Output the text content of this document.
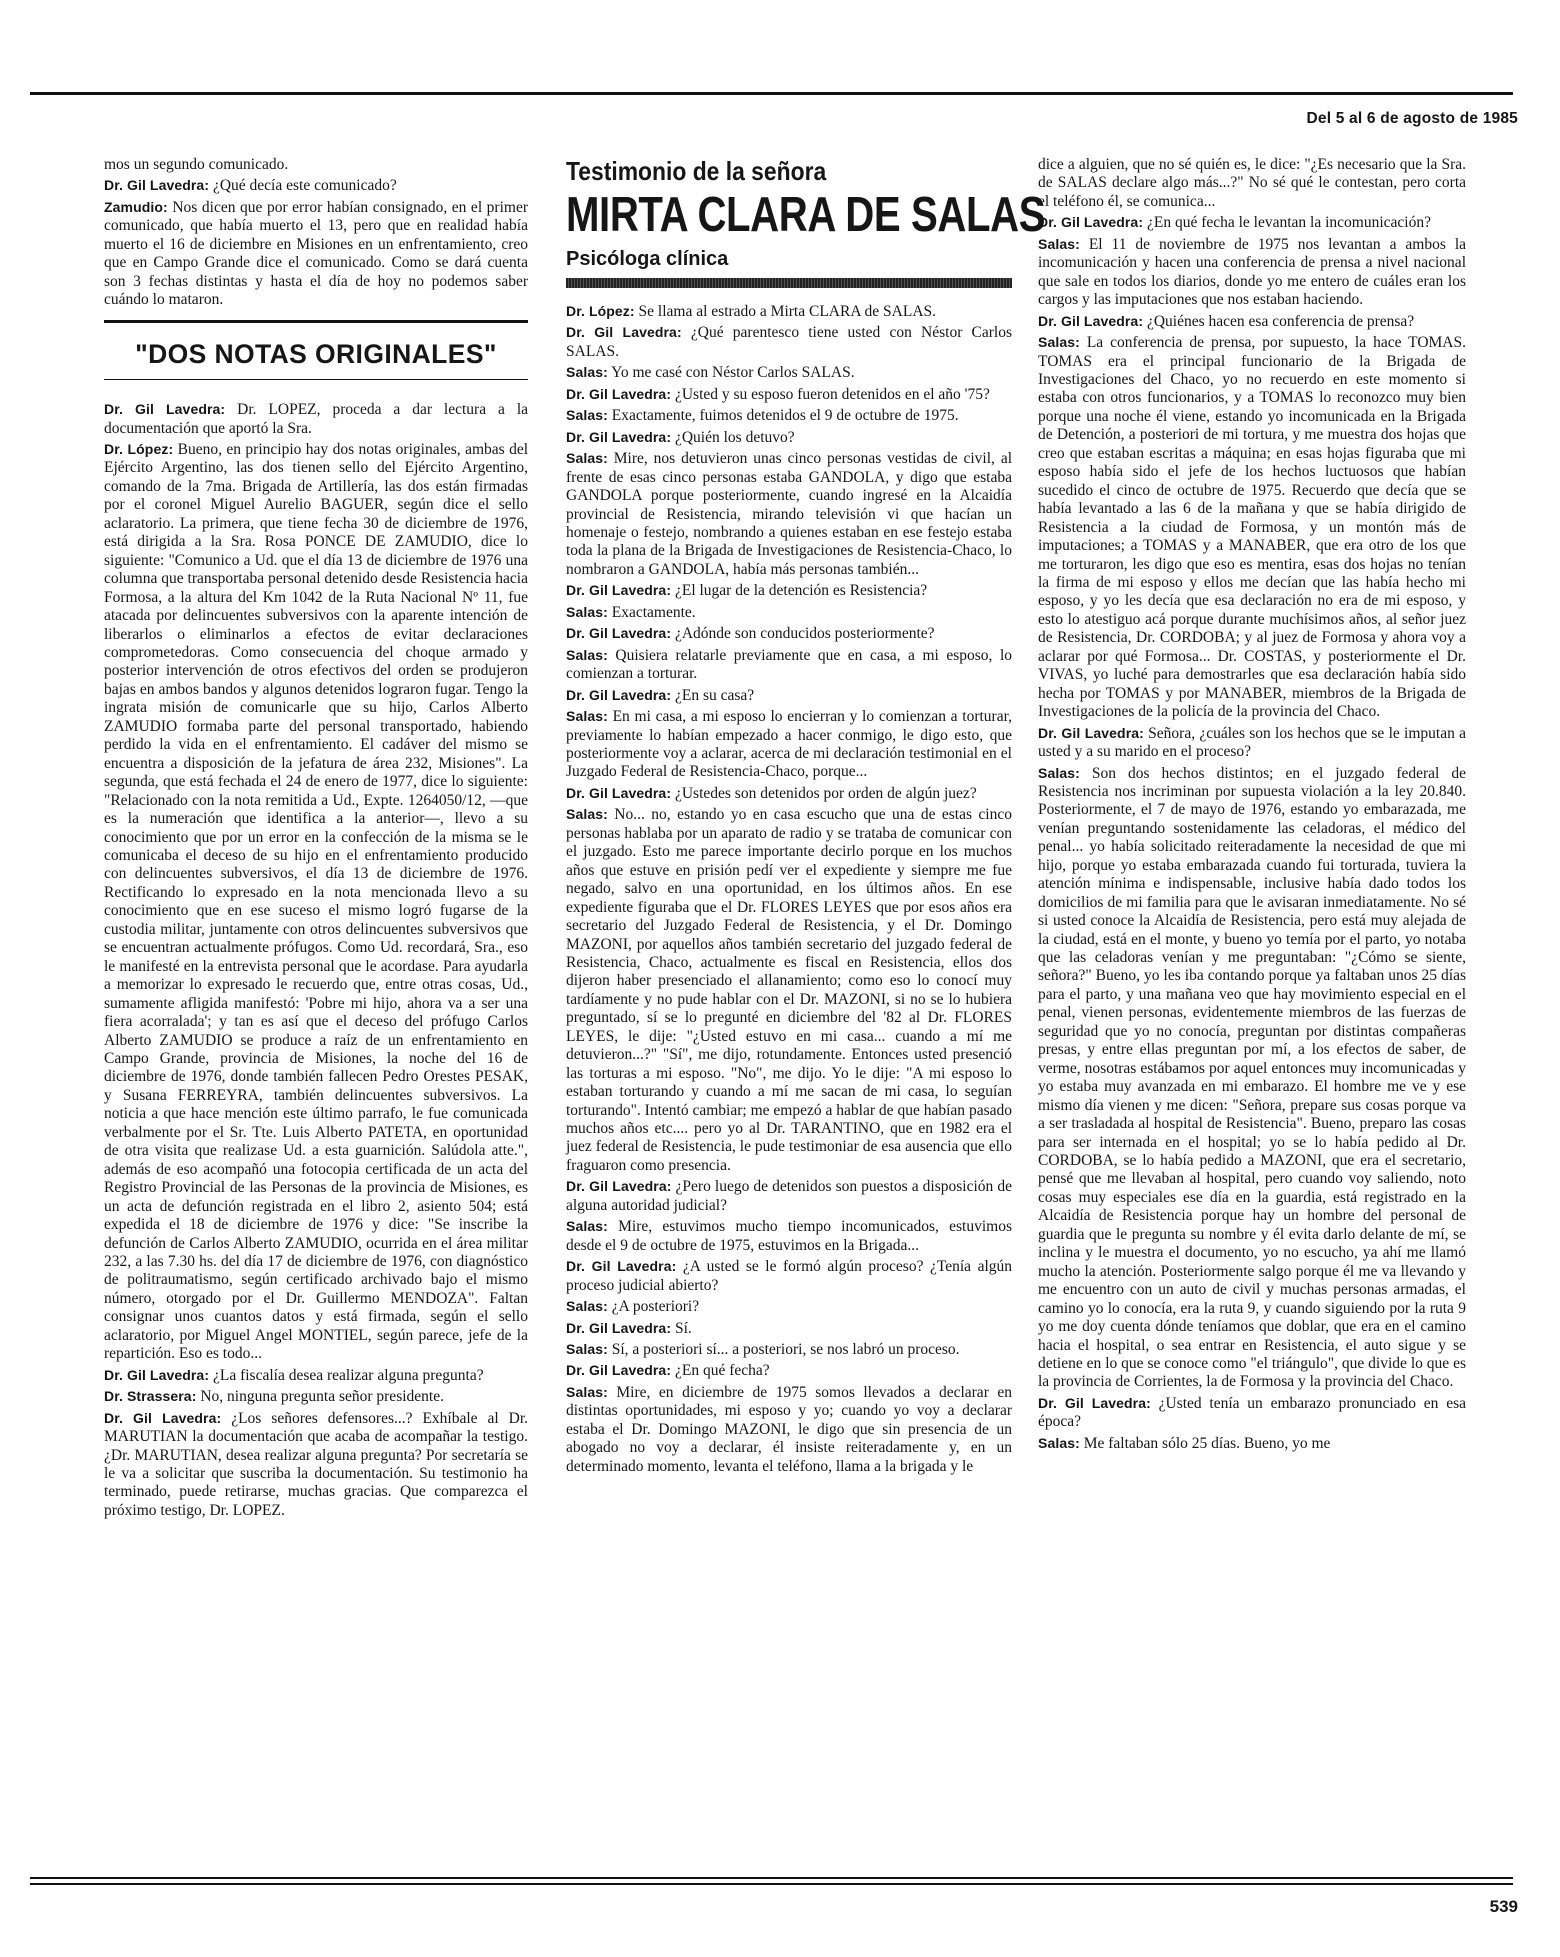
Del 5 al 6 de agosto de 1985

mos un segundo comunicado.

Dr. Gil Lavedra: ¿Qué decía este comunicado?

Zamudio: Nos dicen que por error habían consignado, en el primer comunicado, que había muerto el 13, pero que en realidad había muerto el 16 de diciembre en Misiones en un enfrentamiento, creo que en Campo Grande dice el comunicado. Como se dará cuenta son 3 fechas distintas y hasta el día de hoy no podemos saber cuándo lo mataron.

"DOS NOTAS ORIGINALES"

Dr. Gil Lavedra: Dr. LOPEZ, proceda a dar lectura a la documentación que aportó la Sra.

Dr. López: Bueno, en principio hay dos notas originales, ambas del Ejército Argentino, las dos tienen sello del Ejército Argentino, comando de la 7ma. Brigada de Artillería, las dos están firmadas por el coronel Miguel Aurelio BAGUER, según dice el sello aclaratorio. La primera, que tiene fecha 30 de diciembre de 1976, está dirigida a la Sra. Rosa PONCE DE ZAMUDIO, dice lo siguiente: "Comunico a Ud. que el día 13 de diciembre de 1976 una columna que transportaba personal detenido desde Resistencia hacia Formosa, a la altura del Km 1042 de la Ruta Nacional Nº 11, fue atacada por delincuentes subversivos con la aparente intención de liberarlos o eliminarlos a efectos de evitar declaraciones comprometedoras. Como consecuencia del choque armado y posterior intervención de otros efectivos del orden se produjeron bajas en ambos bandos y algunos detenidos lograron fugar. Tengo la ingrata misión de comunicarle que su hijo, Carlos Alberto ZAMUDIO formaba parte del personal transportado, habiendo perdido la vida en el enfrentamiento. El cadáver del mismo se encuentra a disposición de la jefatura de área 232, Misiones". La segunda, que está fechada el 24 de enero de 1977, dice lo siguiente: "Relacionado con la nota remitida a Ud., Expte. 1264050/12, —que es la numeración que identifica a la anterior—, llevo a su conocimiento que por un error en la confección de la misma se le comunicaba el deceso de su hijo en el enfrentamiento producido con delincuentes subversivos, el día 13 de diciembre de 1976. Rectificando lo expresado en la nota mencionada llevo a su conocimiento que en ese suceso el mismo logró fugarse de la custodia militar, juntamente con otros delincuentes subversivos que se encuentran actualmente prófugos. Como Ud. recordará, Sra., eso le manifesté en la entrevista personal que le acordase. Para ayudarla a memorizar lo expresado le recuerdo que, entre otras cosas, Ud., sumamente afligida manifestó: 'Pobre mi hijo, ahora va a ser una fiera acorralada'; y tan es así que el deceso del prófugo Carlos Alberto ZAMUDIO se produce a raíz de un enfrentamiento en Campo Grande, provincia de Misiones, la noche del 16 de diciembre de 1976, donde también fallecen Pedro Orestes PESAK, y Susana FERREYRA, también delincuentes subversivos. La noticia a que hace mención este último parrafo, le fue comunicada verbalmente por el Sr. Tte. Luis Alberto PATETA, en oportunidad de otra visita que realizase Ud. a esta guarnición. Salúdola atte.", además de eso acompañó una fotocopia certificada de un acta del Registro Provincial de las Personas de la provincia de Misiones, es un acta de defunción registrada en el libro 2, asiento 504; está expedida el 18 de diciembre de 1976 y dice: "Se inscribe la defunción de Carlos Alberto ZAMUDIO, ocurrida en el área militar 232, a las 7.30 hs. del día 17 de diciembre de 1976, con diagnóstico de politraumatismo, según certificado archivado bajo el mismo número, otorgado por el Dr. Guillermo MENDOZA". Faltan consignar unos cuantos datos y está firmada, según el sello aclaratorio, por Miguel Angel MONTIEL, según parece, jefe de la repartición. Eso es todo...

Dr. Gil Lavedra: ¿La fiscalía desea realizar alguna pregunta?

Dr. Strassera: No, ninguna pregunta señor presidente.

Dr. Gil Lavedra: ¿Los señores defensores...? Exhíbale al Dr. MARUTIAN la documentación que acaba de acompañar la testigo. ¿Dr. MARUTIAN, desea realizar alguna pregunta? Por secretaría se le va a solicitar que suscriba la documentación. Su testimonio ha terminado, puede retirarse, muchas gracias. Que comparezca el próximo testigo, Dr. LOPEZ.

Testimonio de la señora
MIRTA CLARA DE SALAS
Psicóloga clínica

Dr. López: Se llama al estrado a Mirta CLARA de SALAS.

Dr. Gil Lavedra: ¿Qué parentesco tiene usted con Néstor Carlos SALAS.

Salas: Yo me casé con Néstor Carlos SALAS.

Dr. Gil Lavedra: ¿Usted y su esposo fueron detenidos en el año '75?

Salas: Exactamente, fuimos detenidos el 9 de octubre de 1975.

Dr. Gil Lavedra: ¿Quién los detuvo?

Salas: Mire, nos detuvieron unas cinco personas vestidas de civil, al frente de esas cinco personas estaba GANDOLA, y digo que estaba GANDOLA porque posteriormente, cuando ingresé en la Alcaidía provincial de Resistencia, mirando televisión vi que hacían un homenaje o festejo, nombrando a quienes estaban en ese festejo estaba toda la plana de la Brigada de Investigaciones de Resistencia-Chaco, lo nombraron a GANDOLA, había más personas también...

Dr. Gil Lavedra: ¿El lugar de la detención es Resistencia?

Salas: Exactamente.

Dr. Gil Lavedra: ¿Adónde son conducidos posteriormente?

Salas: Quisiera relatarle previamente que en casa, a mi esposo, lo comienzan a torturar.

Dr. Gil Lavedra: ¿En su casa?

Salas: En mi casa, a mi esposo lo encierran y lo comienzan a torturar, previamente lo habían empezado a hacer conmigo, le digo esto, que posteriormente voy a aclarar, acerca de mi declaración testimonial en el Juzgado Federal de Resistencia-Chaco, porque...

Dr. Gil Lavedra: ¿Ustedes son detenidos por orden de algún juez?

Salas: No... no, estando yo en casa escucho que una de estas cinco personas hablaba por un aparato de radio y se trataba de comunicar con el juzgado. Esto me parece importante decirlo porque en los muchos años que estuve en prisión pedí ver el expediente y siempre me fue negado, salvo en una oportunidad, en los últimos años. En ese expediente figuraba que el Dr. FLORES LEYES que por esos años era secretario del Juzgado Federal de Resistencia, y el Dr. Domingo MAZONI, por aquellos años también secretario del juzgado federal de Resistencia, Chaco, actualmente es fiscal en Resistencia, ellos dos dijeron haber presenciado el allanamiento; como eso lo conocí muy tardíamente y no pude hablar con el Dr. MAZONI, si no se lo hubiera preguntado, sí se lo pregunté en diciembre del '82 al Dr. FLORES LEYES, le dije: "¿Usted estuvo en mi casa... cuando a mí me detuvieron...?" "Sí", me dijo, rotundamente. Entonces usted presenció las torturas a mi esposo. "No", me dijo. Yo le dije: "A mi esposo lo estaban torturando y cuando a mí me sacan de mi casa, lo seguían torturando". Intentó cambiar; me empezó a hablar de que habían pasado muchos años etc.... pero yo al Dr. TARANTINO, que en 1982 era el juez federal de Resistencia, le pude testimoniar de esa ausencia que ello fraguaron como presencia.

Dr. Gil Lavedra: ¿Pero luego de detenidos son puestos a disposición de alguna autoridad judicial?

Salas: Mire, estuvimos mucho tiempo incomunicados, estuvimos desde el 9 de octubre de 1975, estuvimos en la Brigada...

Dr. Gil Lavedra: ¿A usted se le formó algún proceso? ¿Tenía algún proceso judicial abierto?

Salas: ¿A posteriori?

Dr. Gil Lavedra: Sí.

Salas: Sí, a posteriori sí... a posteriori, se nos labró un proceso.

Dr. Gil Lavedra: ¿En qué fecha?

Salas: Mire, en diciembre de 1975 somos llevados a declarar en distintas oportunidades, mi esposo y yo; cuando yo voy a declarar estaba el Dr. Domingo MAZONI, le digo que sin presencia de un abogado no voy a declarar, él insiste reiteradamente y, en un determinado momento, levanta el teléfono, llama a la brigada y le

dice a alguien, que no sé quién es, le dice: "¿Es necesario que la Sra. de SALAS declare algo más...?" No sé qué le contestan, pero corta el teléfono él, se comunica...

Dr. Gil Lavedra: ¿En qué fecha le levantan la incomunicación?

Salas: El 11 de noviembre de 1975 nos levantan a ambos la incomunicación y hacen una conferencia de prensa a nivel nacional que sale en todos los diarios, donde yo me entero de cuáles eran los cargos y las imputaciones que nos estaban haciendo.

Dr. Gil Lavedra: ¿Quiénes hacen esa conferencia de prensa?

Salas: La conferencia de prensa, por supuesto, la hace TOMAS. TOMAS era el principal funcionario de la Brigada de Investigaciones del Chaco, yo no recuerdo en este momento si estaba con otros funcionarios, y a TOMAS lo reconozco muy bien porque una noche él viene, estando yo incomunicada en la Brigada de Detención, a posteriori de mi tortura, y me muestra dos hojas que creo que estaban escritas a máquina; en esas hojas figuraba que mi esposo había sido el jefe de los hechos luctuosos que habían sucedido el cinco de octubre de 1975. Recuerdo que decía que se había levantado a las 6 de la mañana y que se había dirigido de Resistencia a la ciudad de Formosa, y un montón más de imputaciones; a TOMAS y a MANABER, que era otro de los que me torturaron, les digo que eso es mentira, esas dos hojas no tenían la firma de mi esposo y ellos me decían que las había hecho mi esposo, y yo les decía que esa declaración no era de mi esposo, y esto lo atestiguo acá porque durante muchísimos años, al señor juez de Resistencia, Dr. CORDOBA; y al juez de Formosa y ahora voy a aclarar por qué Formosa... Dr. COSTAS, y posteriormente el Dr. VIVAS, yo luché para demostrarles que esa declaración había sido hecha por TOMAS y por MANABER, miembros de la Brigada de Investigaciones de la policía de la provincia del Chaco.

Dr. Gil Lavedra: Señora, ¿cuáles son los hechos que se le imputan a usted y a su marido en el proceso?

Salas: Son dos hechos distintos; en el juzgado federal de Resistencia nos incriminan por supuesta violación a la ley 20.840. Posteriormente, el 7 de mayo de 1976, estando yo embarazada, me venían preguntando sostenidamente las celadoras, el médico del penal... yo había solicitado reiteradamente la necesidad de que mi hijo, porque yo estaba embarazada cuando fui torturada, tuviera la atención mínima e indispensable, inclusive había dado todos los domicilios de mi familia para que le avisaran inmediatamente. No sé si usted conoce la Alcaidía de Resistencia, pero está muy alejada de la ciudad, está en el monte, y bueno yo temía por el parto, yo notaba que las celadoras venían y me preguntaban: "¿Cómo se siente, señora?" Bueno, yo les iba contando porque ya faltaban unos 25 días para el parto, y una mañana veo que hay movimiento especial en el penal, vienen personas, evidentemente miembros de las fuerzas de seguridad que yo no conocía, preguntan por distintas compañeras presas, y entre ellas preguntan por mí, a los efectos de saber, de verme, nosotras estábamos por aquel entonces muy incomunicadas y yo estaba muy avanzada en mi embarazo. El hombre me ve y ese mismo día vienen y me dicen: "Señora, prepare sus cosas porque va a ser trasladada al hospital de Resistencia". Bueno, preparo las cosas para ser internada en el hospital; yo se lo había pedido al Dr. CORDOBA, se lo había pedido a MAZONI, que era el secretario, pensé que me llevaban al hospital, pero cuando voy saliendo, noto cosas muy especiales ese día en la guardia, está registrado en la Alcaidía de Resistencia porque hay un hombre del personal de guardia que le pregunta su nombre y él evita darlo delante de mí, se inclina y le muestra el documento, yo no escucho, ya ahí me llamó mucho la atención. Posteriormente salgo porque él me va llevando y me encuentro con un auto de civil y muchas personas armadas, el camino yo lo conocía, era la ruta 9, y cuando siguiendo por la ruta 9 yo me doy cuenta dónde teníamos que doblar, que era en el camino hacia el hospital, o sea entrar en Resistencia, el auto sigue y se detiene en lo que se conoce como "el triángulo", que divide lo que es la provincia de Corrientes, la de Formosa y la provincia del Chaco.

Dr. Gil Lavedra: ¿Usted tenía un embarazo pronunciado en esa época?

Salas: Me faltaban sólo 25 días. Bueno, yo me

539
